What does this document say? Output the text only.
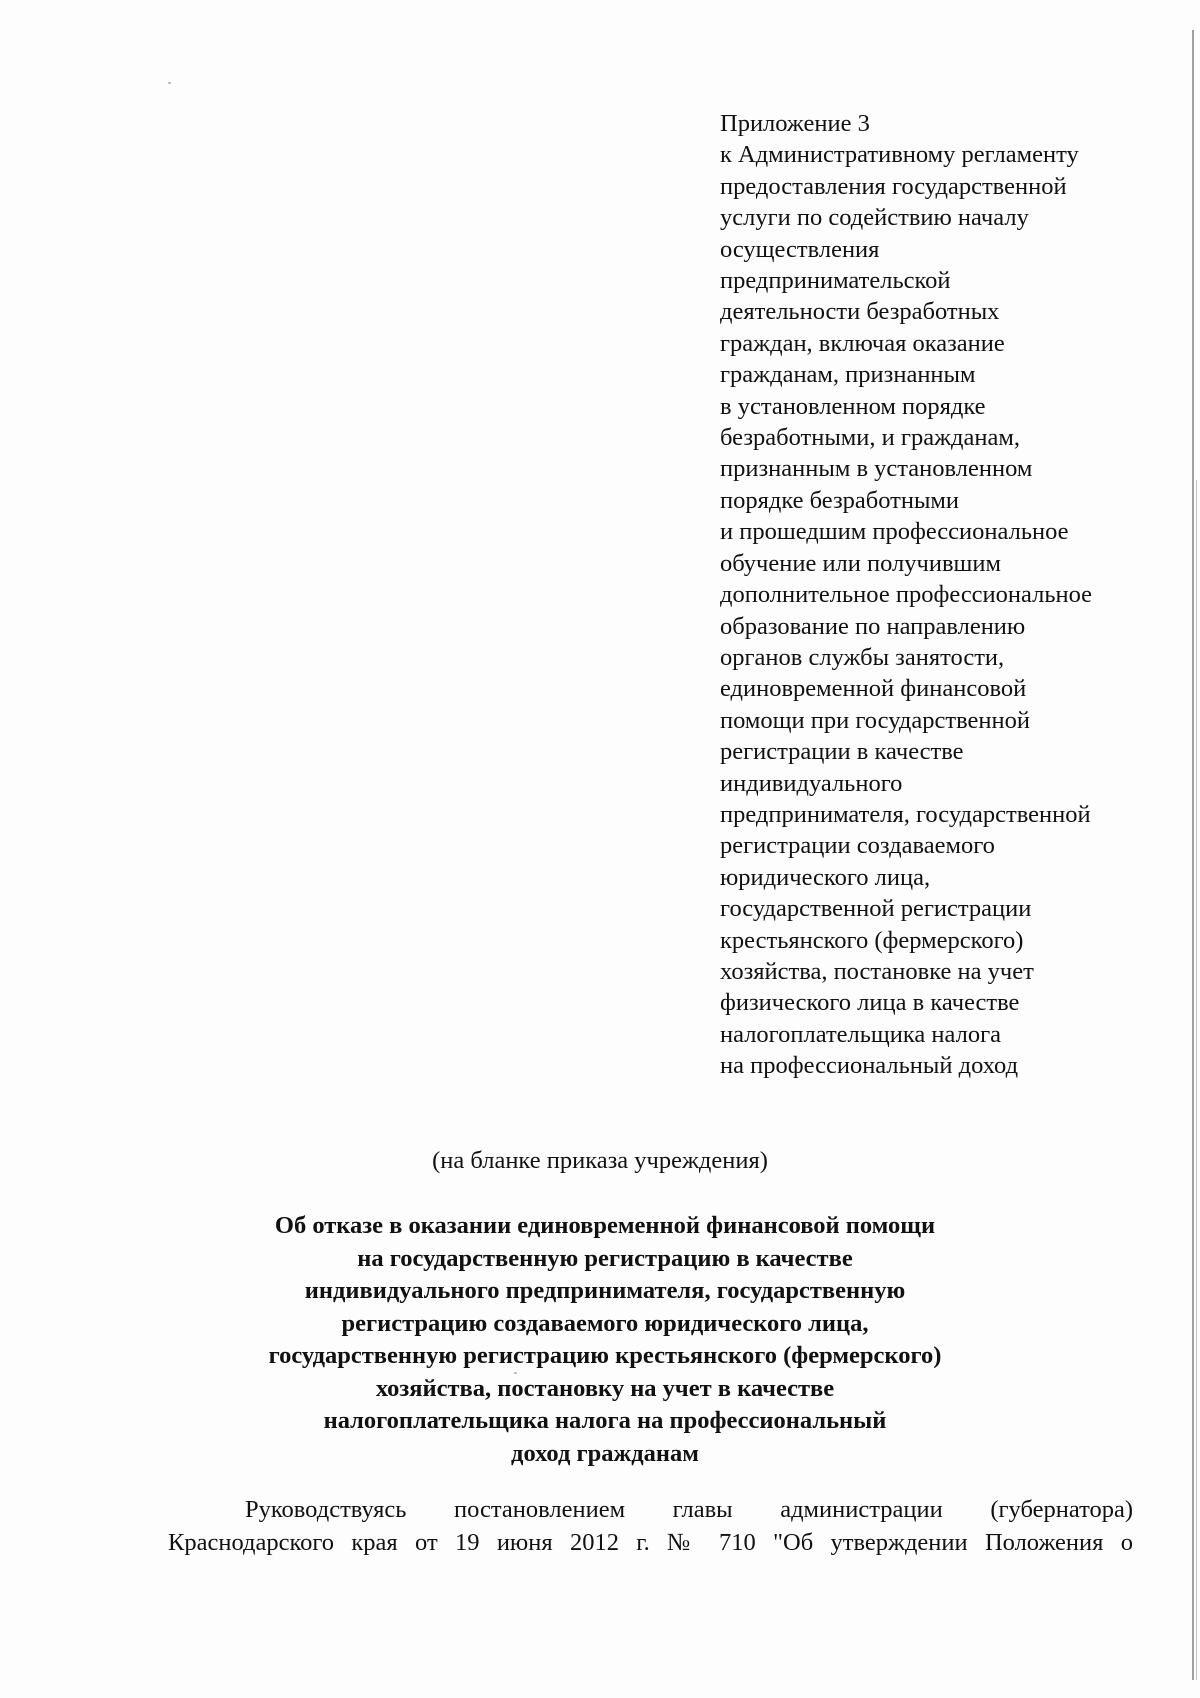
Приложение 3
к Административному регламенту
предоставления государственной
услуги по содействию началу
осуществления
предпринимательской
деятельности безработных
граждан, включая оказание
гражданам, признанным
в установленном порядке
безработными, и гражданам,
признанным в установленном
порядке безработными
и прошедшим профессиональное
обучение или получившим
дополнительное профессиональное
образование по направлению
органов службы занятости,
единовременной финансовой
помощи при государственной
регистрации в качестве
индивидуального
предпринимателя, государственной
регистрации создаваемого
юридического лица,
государственной регистрации
крестьянского (фермерского)
хозяйства, постановке на учет
физического лица в качестве
налогоплательщика налога
на профессиональный доход
(на бланке приказа учреждения)
Об отказе в оказании единовременной финансовой помощи
на государственную регистрацию в качестве
индивидуального предпринимателя, государственную
регистрацию создаваемого юридического лица,
государственную регистрацию крестьянского (фермерского)
хозяйства, постановку на учет в качестве
налогоплательщика налога на профессиональный
доход гражданам
Руководствуясь постановлением главы администрации (губернатора)
Краснодарского края от 19 июня 2012 г. № 710 "Об утверждении Положения о
